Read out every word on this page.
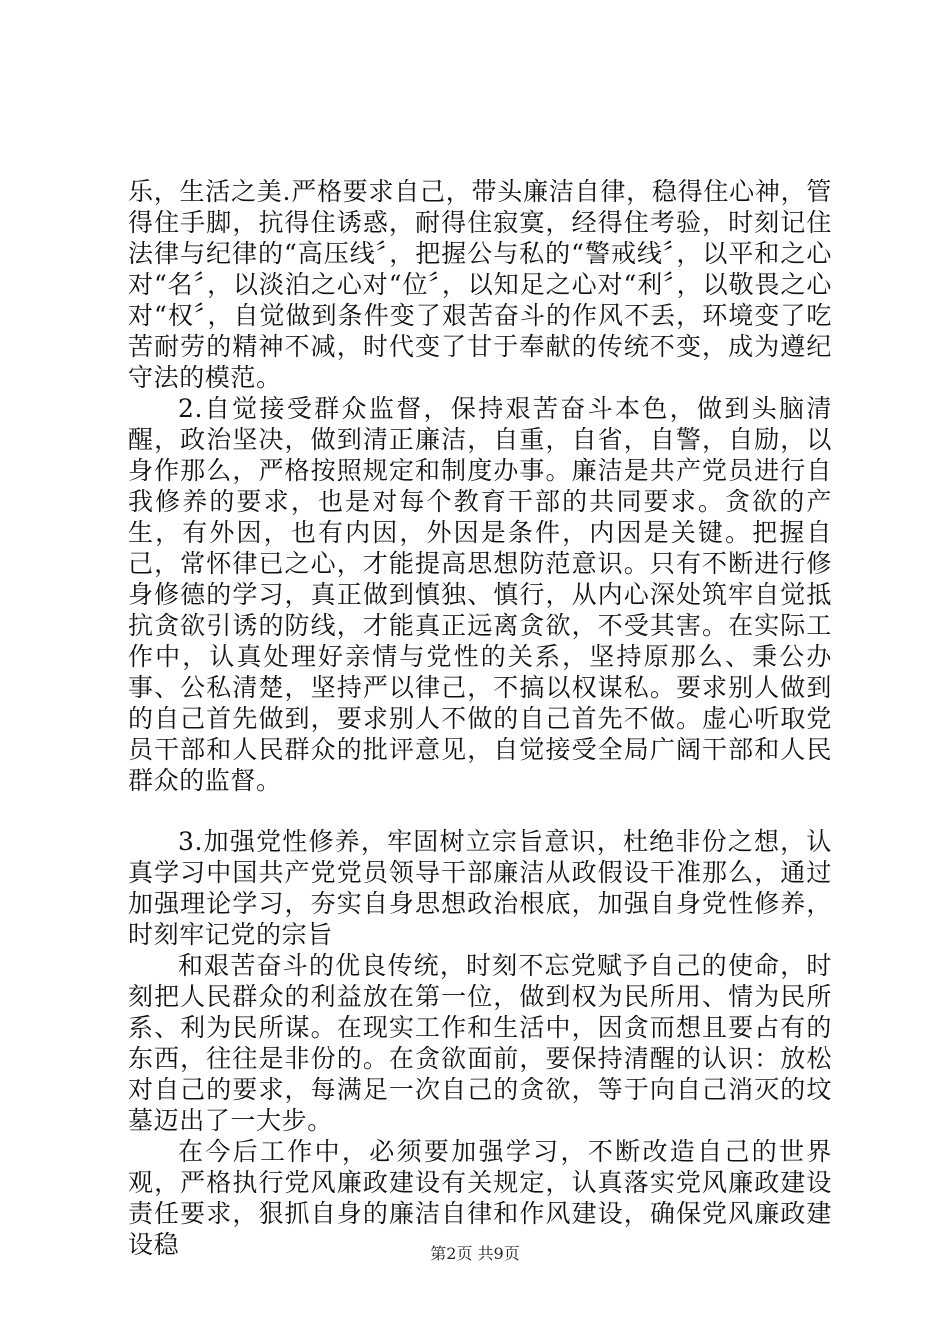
乐，生活之美.严格要求自己，带头廉洁自律，稳得住心神，管得住手脚，抗得住诱惑，耐得住寂寞，经得住考验，时刻记住法律与纪律的“高压线〞，把握公与私的“警戒线〞，以平和之心对“名〞，以淡泊之心对“位〞，以知足之心对“利〞，以敬畏之心对“权〞，自觉做到条件变了艰苦奋斗的作风不丢，环境变了吃苦耐劳的精神不减，时代变了甘于奉献的传统不变，成为遵纪守法的模范。

2.自觉接受群众监督，保持艰苦奋斗本色，做到头脑清醒，政治坚决，做到清正廉洁，自重，自省，自警，自励，以身作那么，严格按照规定和制度办事。廉洁是共产党员进行自我修养的要求，也是对每个教育干部的共同要求。贪欲的产生，有外因，也有内因，外因是条件，内因是关键。把握自己，常怀律已之心，才能提高思想防范意识。只有不断进行修身修德的学习，真正做到慎独、慎行，从内心深处筑牢自觉抵抗贪欲引诱的防线，才能真正远离贪欲，不受其害。在实际工作中，认真处理好亲情与党性的关系，坚持原那么、秉公办事、公私清楚，坚持严以律己，不搞以权谋私。要求别人做到的自己首先做到，要求别人不做的自己首先不做。虚心听取党员干部和人民群众的批评意见，自觉接受全局广阔干部和人民群众的监督。

3.加强党性修养，牢固树立宗旨意识，杜绝非份之想，认真学习中国共产党党员领导干部廉洁从政假设干准那么，通过加强理论学习，夯实自身思想政治根底，加强自身党性修养，时刻牢记党的宗旨

和艰苦奋斗的优良传统，时刻不忘党赋予自己的使命，时刻把人民群众的利益放在第一位，做到权为民所用、情为民所系、利为民所谋。在现实工作和生活中，因贪而想且要占有的东西，往往是非份的。在贪欲面前，要保持清醒的认识：放松对自己的要求，每满足一次自己的贪欲，等于向自己消灭的坟墓迈出了一大步。

在今后工作中，必须要加强学习，不断改造自己的世界观，严格执行党风廉政建设有关规定，认真落实党风廉政建设责任要求，狠抓自身的廉洁自律和作风建设，确保党风廉政建设稳	第2页 共9页
